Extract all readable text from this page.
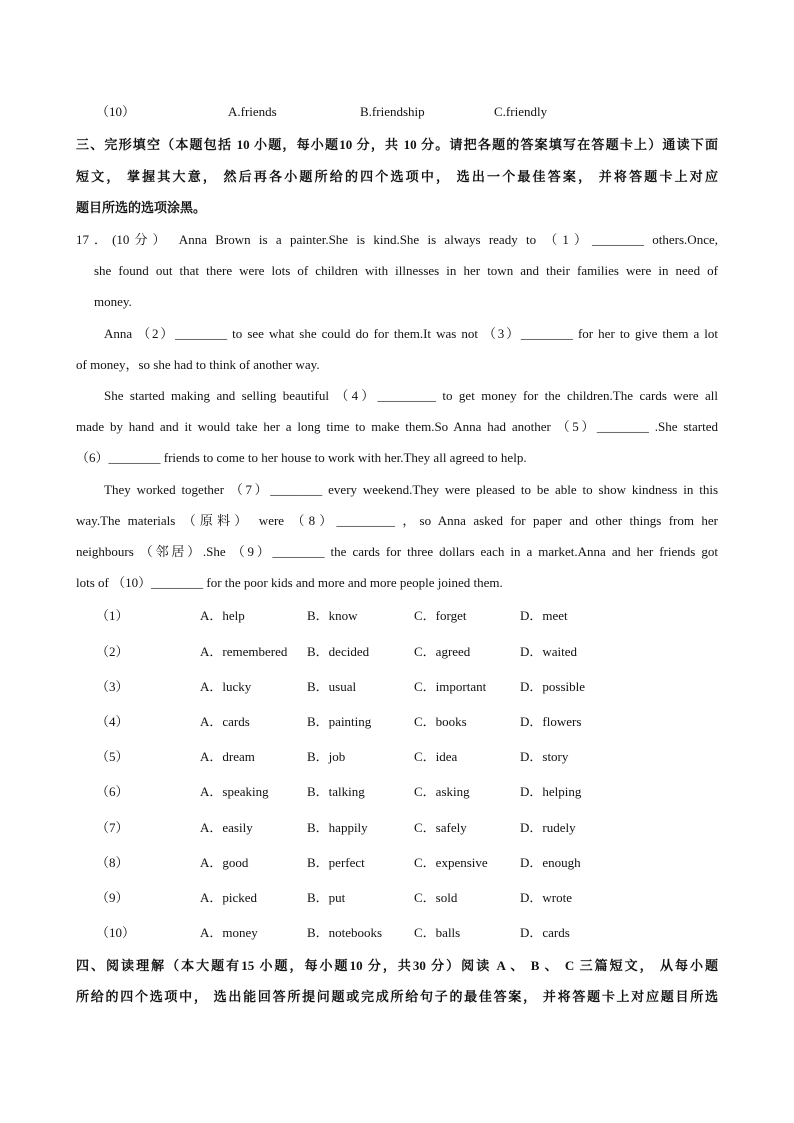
（10）	A.friends	B.friendship	C.friendly
三、完形填空（本题包括 10 小题，每小题10 分，共 10 分。请把各题的答案填写在答题卡上）通读下面
短文， 掌握其大意， 然后再各小题所给的四个选项中， 选出一个最佳答案， 并将答题卡上对应
题目所选的选项涂黑。
17．(10分） Anna Brown is a painter.She is kind.She is always ready to （1）________ others.Once,
she found out that there were lots of children with illnesses in her town and their families were in need of
money.
Anna （2）________ to see what she could do for them.It was not （3）________ for her to give them a lot
of money，so she had to think of another way.
She started making and selling beautiful （4）_________ to get money for the children.The cards were all
made by hand and it would take her a long time to make them.So Anna had another （5）________ .She started
（6）________ friends to come to her house to work with her.They all agreed to help.
They worked together （7）________ every weekend.They were pleased to be able to show kindness in this
way.The materials （原料） were （8）_________ ，so Anna asked for paper and other things from her
neighbours （邻居）.She （9）________ the cards for three dollars each in a market.Anna and her friends got
lots of （10）________ for the poor kids and more and more people joined them.
（1）	A．help	B．know	C．forget	D．meet
（2）	A．remembered B．decided	C．agreed	D．waited
（3）	A．lucky	B．usual	C．important	D．possible
（4）	A．cards	B．painting	C．books	D．flowers
（5）	A．dream	B．job	C．idea	D．story
（6）	A．speaking	B．talking	C．asking	D．helping
（7）	A．easily	B．happily	C．safely	D．rudely
（8）	A．good	B．perfect	C．expensive D．enough
（9）	A．picked	B．put	C．sold	D．wrote
（10）	A．money	B．notebooks C．balls	D．cards
四、阅读理解（本大题有15 小题，每小题10 分，共30 分）阅读 A 、 B 、 C 三篇短文， 从每小题
所给的四个选项中， 选出能回答所提问题或完成所给句子的最佳答案， 并将答题卡上对应题目所选
